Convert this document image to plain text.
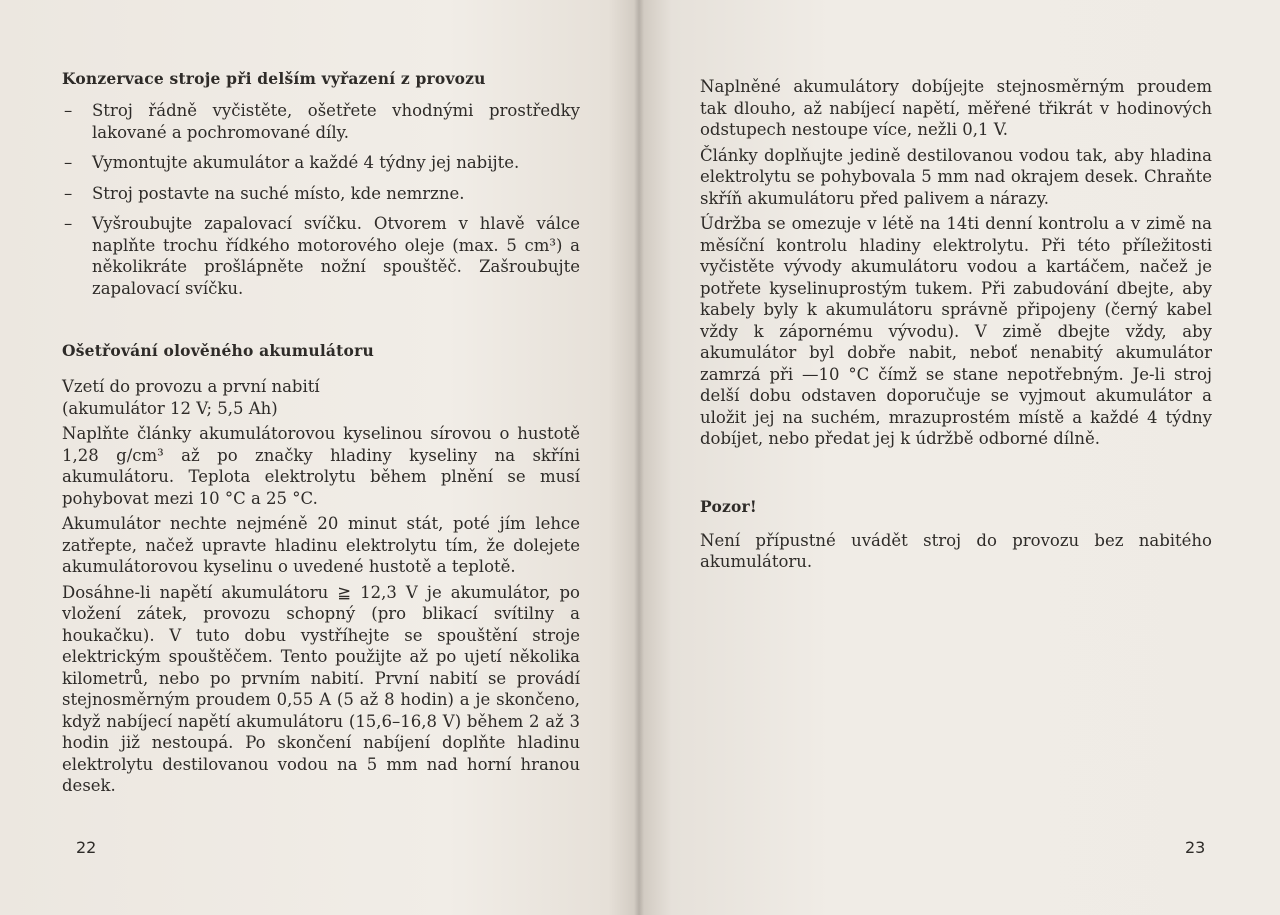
Konzervace stroje při delším vyřazení z provozu
– Stroj řádně vyčistěte, ošetřete vhodnými prostředky lakované a pochromované díly.
– Vymontujte akumulátor a každé 4 týdny jej nabijte.
– Stroj postavte na suché místo, kde nemrzne.
– Vyšroubujte zapalovací svíčku. Otvorem v hlavě válce naplňte trochu řídkého motorového oleje (max. 5 cm³) a několikráte prošlápněte nožní spouštěč. Zašroubujte zapalovací svíčku.
Ošetřování olověného akumulátoru

Vzetí do provozu a první nabití

(akumulátor 12 V; 5,5 Ah)

Naplňte články akumulátorovou kyselinou sírovou o hustotě 1,28 g/cm³ až po značky hladiny kyseliny na skříni akumulátoru. Teplota elektrolytu během plnění se musí pohybovat mezi 10 °C a 25 °C.

Akumulátor nechte nejméně 20 minut stát, poté jím lehce zatřepte, načež upravte hladinu elektrolytu tím, že dolejete akumulátorovou kyselinu o uvedené hustotě a teplotě.

Dosáhne-li napětí akumulátoru ≧ 12,3 V je akumulátor, po vložení zátek, provozu schopný (pro blikací svítilny a houkačku). V tuto dobu vystříhejte se spouštění stroje elektrickým spouštěčem. Tento použijte až po ujetí několika kilometrů, nebo po prvním nabití. První nabití se provádí stejnosměrným proudem 0,55 A (5 až 8 hodin) a je skončeno, když nabíjecí napětí akumulátoru (15,6–16,8 V) během 2 až 3 hodin již nestoupá. Po skončení nabíjení doplňte hladinu elektrolytu destilovanou vodou na 5 mm nad horní hranou desek.

Naplněné akumulátory dobíjejte stejnosměrným proudem tak dlouho, až nabíjecí napětí, měřené třikrát v hodinových odstupech nestoupe více, nežli 0,1 V.

Články doplňujte jedině destilovanou vodou tak, aby hladina elektrolytu se pohybovala 5 mm nad okrajem desek. Chraňte skříň akumulátoru před palivem a nárazy.

Údržba se omezuje v létě na 14ti denní kontrolu a v zimě na měsíční kontrolu hladiny elektrolytu. Při této příležitosti vyčistěte vývody akumulátoru vodou a kartáčem, načež je potřete kyselinuprostým tukem. Při zabudování dbejte, aby kabely byly k akumulátoru správně připojeny (černý kabel vždy k zápornému vývodu). V zimě dbejte vždy, aby akumulátor byl dobře nabit, neboť nenabitý akumulátor zamrzá při —10 °C čímž se stane nepotřebným. Je-li stroj delší dobu odstaven doporučuje se vyjmout akumulátor a uložit jej na suchém, mrazuprostém místě a každé 4 týdny dobíjet, nebo předat jej k údržbě odborné dílně.

Pozor!

Není přípustné uvádět stroj do provozu bez nabitého akumulátoru.

22	23
